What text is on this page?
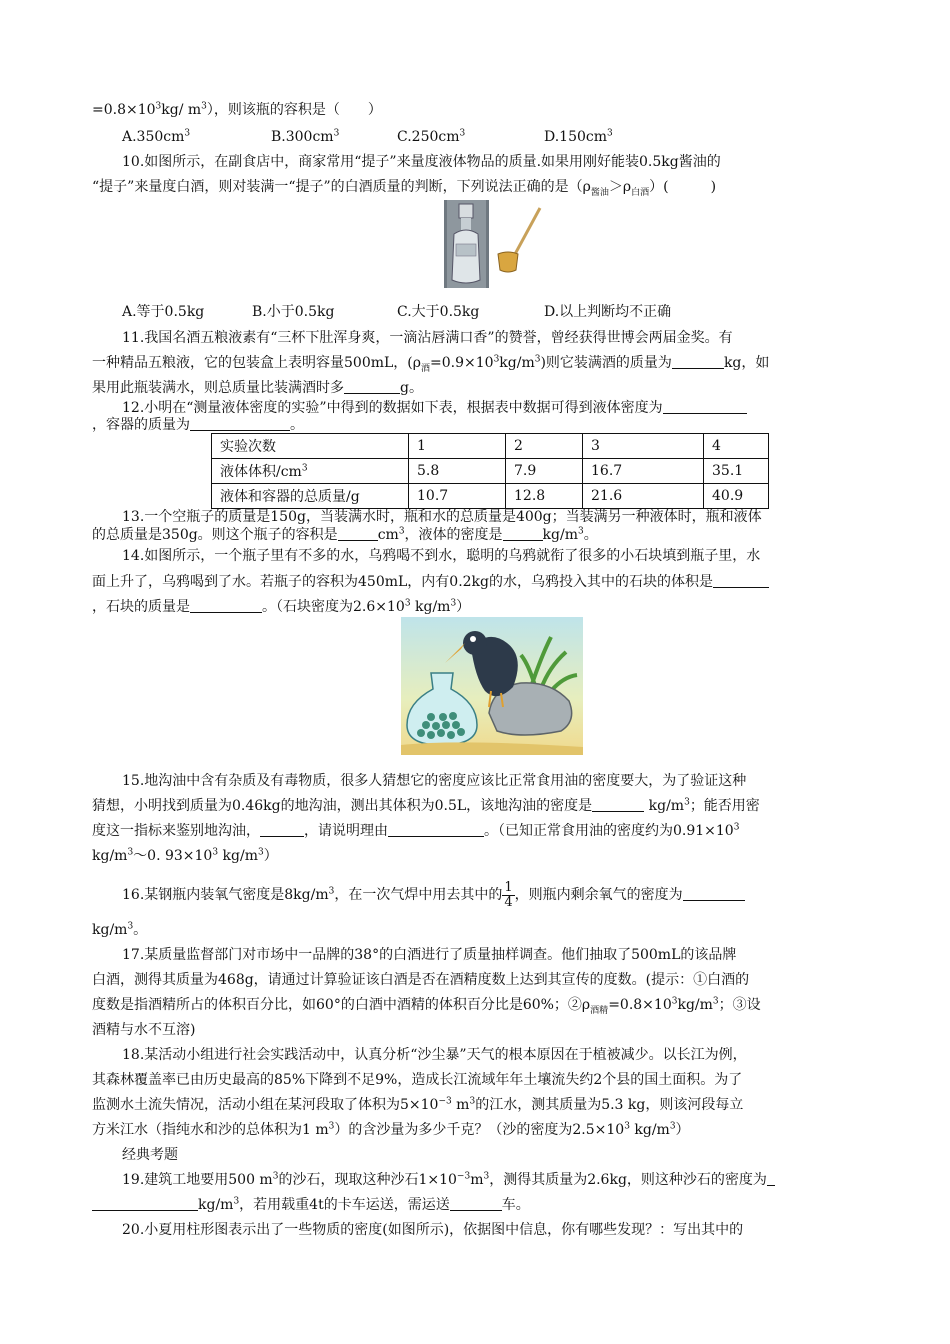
$=0.8\times 10^3kg/$ $m^3$），则该瓶的容积是（　　）
$A.350cm^3$	$B.300cm^3$	$C.250cm^3$	$D.150cm^3$
10.如图所示，在副食店中，商家常用“提子”来量度液体物品的质量.如果用刚好能装0.5kg酱油的
“提子”来量度白酒，则对装满一“提子”的白酒质量的判断，下列说法正确的是$(\rho_{酱油}>\rho_{白酒})$(　　　)
A.等于0.5kg	B.小于0.5kg	C.大于0.5kg	D.以上判断均不正确
11.我国名酒五粮液素有“三杯下肚浑身爽，一滴沾唇满口香”的赞誉，曾经获得世博会两届金奖。有
一种精品五粮液，它的包装盒上表明容量500mL，$(\rho_酒=0.9\times 10^3kg/m^3)$则它装满酒的质量为	kg，如
果用此瓶装满水，则总质量比装满酒时多	g。
12.小明在“测量液体密度的实验”中得到的数据如下表，根据表中数据可得到液体密度为
，容器的质量为	。
实验次数	1	2	3	4
液体体积$/cm^3$	5.8	7.9	16.7	35.1
液体和容器的总质量/g	10.7	12.8	21.6	40.9
13.一个空瓶子的质量是150g，当装满水时，瓶和水的总质量是400g；当装满另一种液体时，瓶和液体
的总质量是350g。则这个瓶子的容积是	$cm^3$，液体的密度是	$kg/m^3$。
14.如图所示，一个瓶子里有不多的水，乌鸦喝不到水，聪明的乌鸦就衔了很多的小石块填到瓶子里，水
面上升了，乌鸦喝到了水。若瓶子的容积为450mL，内有0.2kg的水，乌鸦投入其中的石块的体积是
，石块的质量是	。（石块密度为$2.6\times 10^3$ $kg/m^3$）
15.地沟油中含有杂质及有毒物质，很多人猜想它的密度应该比正常食用油的密度要大，为了验证这种
猜想，小明找到质量为0.46kg的地沟油，测出其体积为0.5L，该地沟油的密度是	$kg/m^3$；能否用密
度这一指标来鉴别地沟油，	，请说明理由	。（已知正常食用油的密度约为$0.91\times 10^3$
$kg/m^3\sim 0$. $93\times 10^3$ $kg/m^3$）
16.某钢瓶内装氧气密度是$8kg/m^3$，在一次气焊中用去其中的 $\frac{1}{4}$ ，则瓶内剩余氧气的密度为
$kg/m^3$。
17.某质量监督部门对市场中一品牌的38°的白酒进行了质量抽样调查。他们抽取了500mL的该品牌
白酒，测得其质量为468g，请通过计算验证该白酒是否在酒精度数上达到其宣传的度数。(提示：①白酒的
度数是指酒精所占的体积百分比，如60°的白酒中酒精的体积百分比是60%；$②\rho_{酒精}=0.8\times 10^3kg/m^3$；③设
酒精与水不互溶)
18.某活动小组进行社会实践活动中，认真分析“沙尘暴”天气的根本原因在于植被减少。以长江为例，
其森林覆盖率已由历史最高的85%下降到不足9%，造成长江流域年年土壤流失约2个县的国土面积。为了
监测水土流失情况，活动小组在某河段取了体积为$5\times 10^{-3}$ $m^3$的江水，测其质量为5.3 kg，则该河段每立
方米江水（指纯水和沙的总体积为1 $m^3$）的含沙量为多少千克？（沙的密度为$2.5\times 10^3$ $kg/m^3$）
经典考题
19.建筑工地要用500 $m^3$的沙石，现取这种沙石$1\times 10^{-3}m^3$，测得其质量为2.6kg，则这种沙石的密度为
$kg/m^3$，若用载重4t的卡车运送，需运送	车。
20.小夏用柱形图表示出了一些物质的密度(如图所示)，依据图中信息，你有哪些发现？：写出其中的
